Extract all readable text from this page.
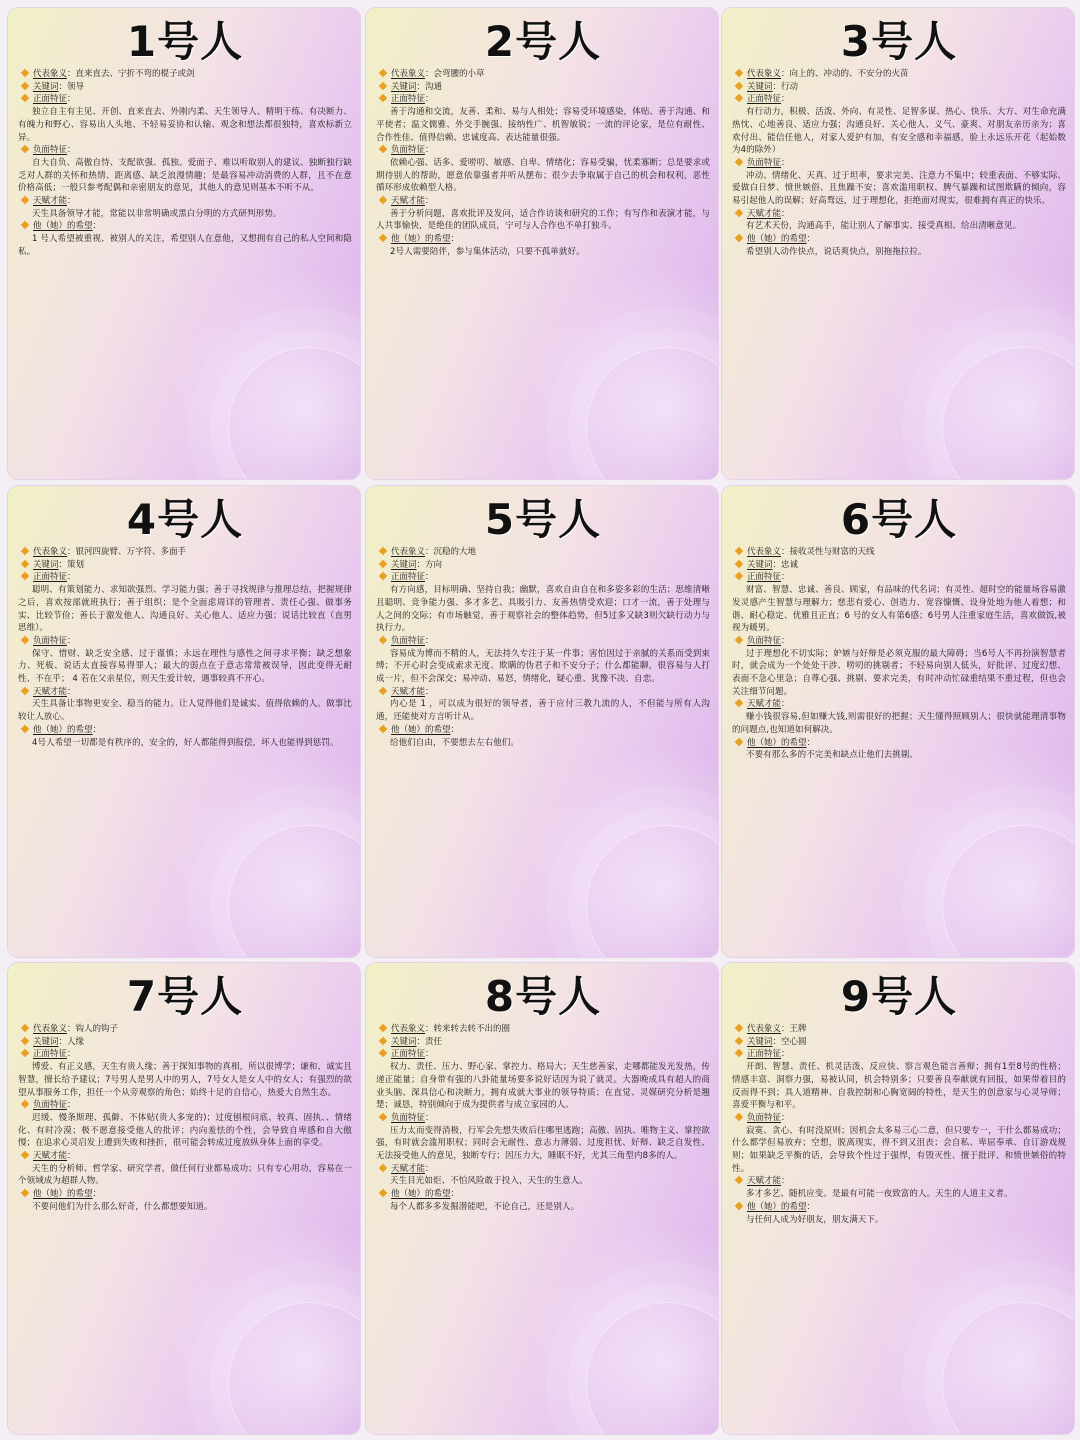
1号人
代表象义：直来直去、宁折不弯的棍子或剑
关键词：领导
正面特征：
独立自主有主见、开创、直来直去、外刚内柔、天生领导人、精明干练、有决断力、有魄力和野心、容易出人头地、不轻易妥协和认输、观念和想法都很独特，喜欢标新立异。
负面特征：
自大自负、高傲自恃、支配欲强、孤独、爱面子、难以听取别人的建议、独断独行缺乏对人群的关怀和热情、距离感、缺乏浪漫情趣；是最容易冲动消费的人群，且不在意价格高低；一般只参考配偶和亲密朋友的意见，其他人的意见则基本不听不从。
天赋才能：
天生具备领导才能，常能以非常明确或黑白分明的方式研判形势。
他（她）的希望：
1 号人希望被重视、被别人的关注，希望别人在意他，又想拥有自己的私人空间和隐私。
2号人
代表象义：会弯腰的小草
关键词：沟通
正面特征：
善于沟通和交流，友善、柔和、易与人相处；容易受环境感染，体贴、善于沟通、和平使者；温文儒雅、外交手腕强、接纳性广、机智敏锐；一流的评论家，是位有耐性、合作性佳、值得信赖、忠诚度高、表达能量很强。
负面特征：
依赖心强、话多、爱唠叨、敏感、自卑、情绪化；容易受骗，忧柔寡断；总是要求或期待别人的帮助，愿意依靠强者并听从摆布；很少去争取属于自己的机会和权利，恶性循环形成依赖型人格。
天赋才能：
善于分析问题，喜欢批评及发问，适合作访谈和研究的工作；有写作和表演才能，与人共事愉快，是绝佳的团队成员，宁可与人合作也不单打独斗。
他（她）的希望：
2号人需要陪伴，参与集体活动，只要不孤单就好。
3号人
代表象义：向上的、冲动的、不安分的火苗
关键词：行动
正面特征：
有行动力，积极、活泼、外向、有灵性、足智多谋、热心、快乐、大方、对生命充满热忱、心地善良、适应力强；沟通良好、关心他人、义气、豪爽、对朋友亲历亲为；喜欢付出、能信任他人，对家人爱护有加，有安全感和幸福感，脸上永远乐开花（起始数为4的除外）
负面特征：
冲动、情绪化、天真、过于坦率，要求完美、注意力不集中；较重表面、不够实际、爱做白日梦、愤世嫉俗、且焦躁不安；喜欢滥用职权、脾气暴躁和试图欺瞒的倾向，容易引起他人的误解；好高骛远，过于理想化，拒绝面对现实，很难拥有真正的快乐。
天赋才能：
有艺术天份，沟通高手，能让别人了解事实、接受真相、给出清晰意见。
他（她）的希望：
希望别人动作快点，说话爽快点，别拖拖拉拉。
4号人
代表象义：银河四旋臂、万字符、多面手
关键词：策划
正面特征：
聪明、有策划能力、求知欲强烈、学习能力强；善于寻找规律与推理总结，把握规律之后，喜欢按部就班执行；善于组织；是个全面虑周详的管理者、责任心强、做事务实、比较节俭；善长于激发他人、沟通良好、关心他人、适应力强；说话比较直（直男思维）。
负面特征：
保守、惜财、缺乏安全感、过于谨慎；永远在理性与感性之间寻求平衡；缺乏想象力、死板、说话太直接容易得罪人；最大的弱点在于意志常常被误导，因此变得无耐性、不在乎； 4 若在父亲星位，则天生爱计较，遇事较真不开心。
天赋才能：
天生具备让事物更安全、稳当的能力。让人觉得他们是诚实、值得依赖的人。做事比较让人放心。
他（她）的希望：
4号人希望一切都是有秩序的，安全的，好人都能得到报偿，坏人也能得到惩罚。
5号人
代表象义：沉稳的大地
关键词：方向
正面特征：
有方向感，目标明确、坚持自我；幽默，喜欢自由自在和多姿多彩的生活；思维清晰且聪明、竞争能力强、多才多艺、具吸引力、友善热情受欢迎；口才一流，善于处理与人之间的交际；有市场触觉，善于观察社会的整体趋势，但5过多又缺3则欠缺行动力与执行力。
负面特征：
容易成为博而不精的人，无法持久专注于某一件事；害怕因过于亲腻的关系而受到束缚；不开心时会变成索求无度、欺瞒的伪君子和不安分子；什么都能聊，很容易与人打成一片，但不会深交；易冲动、易怒，情绪化，疑心重、犹豫不决、自恋。
天赋才能：
内心是 1 ，可以成为很好的领导者，善于应付三教九流的人，不但能与所有人沟通，还能使对方言听计从。
他（她）的希望：
给他们自由，不要想去左右他们。
6号人
代表象义：接收灵性与财富的天线
关键词：忠诚
正面特征：
财富、智慧、忠诚、善良、顾家，有品味的代名词；有灵性、超时空的能量场容易激发灵感产生智慧与理解力；慈悲有爱心、创造力、宽容慷慨、设身处地为他人着想；和谐、耐心稳定、优雅且正直；6 号的女人有第6感；6号男人注重家庭生活，喜欢做饭,被视为暖男。
负面特征：
过于理想化不切实际；妒嫉与好辩是必须克服的最大障碍；当6号人不再扮演智慧者时，就会成为一个处处干涉、唠叨的挑剔者；不轻易向别人低头，好批评、过度幻想、表面不急心里急；自尊心强、挑剔、要求完美，有时冲动忙碌重结果不重过程，但也会关注细节问题。
天赋才能：
赚小钱很容易,但如赚大钱,则需很好的把握；天生懂得照顾别人；很快就能理清事物的问题点,也知道如何解决。
他（她）的希望：
不要有那么多的不完美和缺点让他们去挑剔。
7号人
代表象义：钩人的钩子
关键词：人缘
正面特征：
博爱、有正义感，天生有贵人缘；善于探知事物的真相，所以很博学；谦和、诚实且智慧，擅长给予建议；7号男人是男人中的男人，7号女人是女人中的女人；有强烈的欲望从事服务工作，担任一个从旁观察的角色；始终十足的自信心，热爱大自然生态。
负面特征：
迟缓、慢条斯理、孤僻、不体贴(贵人多宠的)；过度刨根问底、较真、固执、、情绪化、有时冷漠；极不愿意接受他人的批评；内向羞怯的个性，会导致自卑感和自大傲慢；在追求心灵启发上遭到失败和挫折，很可能会转成过度放纵身体上面的享受。
天赋才能：
天生的分析师、哲学家、研究学者，做任何行业都易成功；只有专心用功，容易在一个领域成为超群人物。
他（她）的希望：
不要问他们为什么那么好奇，什么都想要知道。
8号人
代表象义：转来转去转不出的圈
关键词：责任
正面特征：
权力、责任、压力、野心家、掌控力、格局大；天生慈善家，走哪都能发光发热，传递正能量；自身带有强的八卦能量场要多说好话因为说了就灵。大器晚成具有超人的商业头脑、深具信心和决断力，拥有成就大事业的领导特质；在直觉、灵媒研究分析是翘楚；诚恳，特别倾向于成为提供者与成立家园的人。
负面特征：
压力太而变得消极，行军会先想失败后往哪里逃跑；高傲、固执、唯物主义、掌控欲强，有时就会滥用职权；同时会无耐性、意志力薄弱、过度担忧、好辩、缺乏自发性、无法接受他人的意见，独断专行；因压力大，睡眠不好，尤其三角型内8多的人。
天赋才能：
天生目光如炬、不怕风险敢于投入，天生的生意人。
他（她）的希望：
每个人都多多发掘潜能吧，不论自己，还是别人。
9号人
代表象义：王牌
关键词：空心圆
正面特征：
开朗、智慧、责任、机灵活泼、反应快、察言观色能言善辩；拥有1至8号的性格；情感丰富、洞察力强，易被认同，机会特别多；只要善良奉献就有回报，如果带着目的反而得不到；具人道精神、自我控制和心胸宽阔的特性，是天生的创意家与心灵导师；喜爱平衡与和平。
负面特征：
寂寞、贪心、有时没原则；因机会太多易三心二意，但只要专一，干什么都易成功；什么都学但易放弃；空想，脱离现实，得不到又沮丧；会自私、卑屈奉承、自订游戏规则；如果缺乏平衡的话，会导致个性过于强悍，有毁灭性、擅于批评、和愤世嫉俗的特性。
天赋才能：
多才多艺、随机应变。是最有可能一夜致富的人。天生的人道主义者。
他（她）的希望：
与任何人成为好朋友，朋友满天下。
